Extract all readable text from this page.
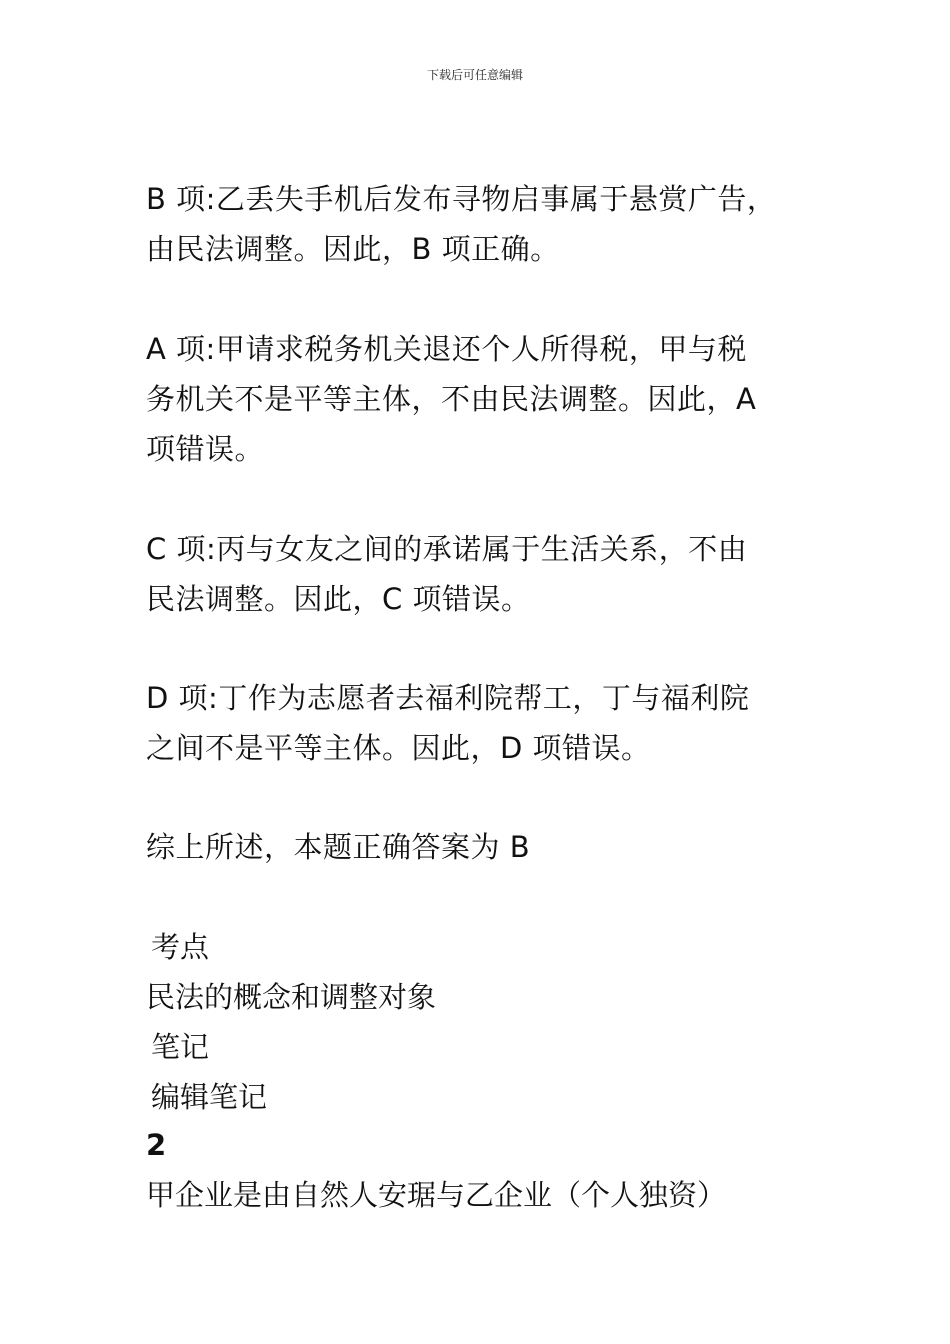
下载后可任意编辑
B 项:乙丢失手机后发布寻物启事属于悬赏广告，
由民法调整。因此，B 项正确。
A 项:甲请求税务机关退还个人所得税，甲与税
务机关不是平等主体，不由民法调整。因此，A
项错误。
C 项:丙与女友之间的承诺属于生活关系，不由
民法调整。因此，C 项错误。
D 项:丁作为志愿者去福利院帮工，丁与福利院
之间不是平等主体。因此，D 项错误。
综上所述，本题正确答案为 B
考点
民法的概念和调整对象
笔记
编辑笔记
2
甲企业是由自然人安琚与乙企业（个人独资）
